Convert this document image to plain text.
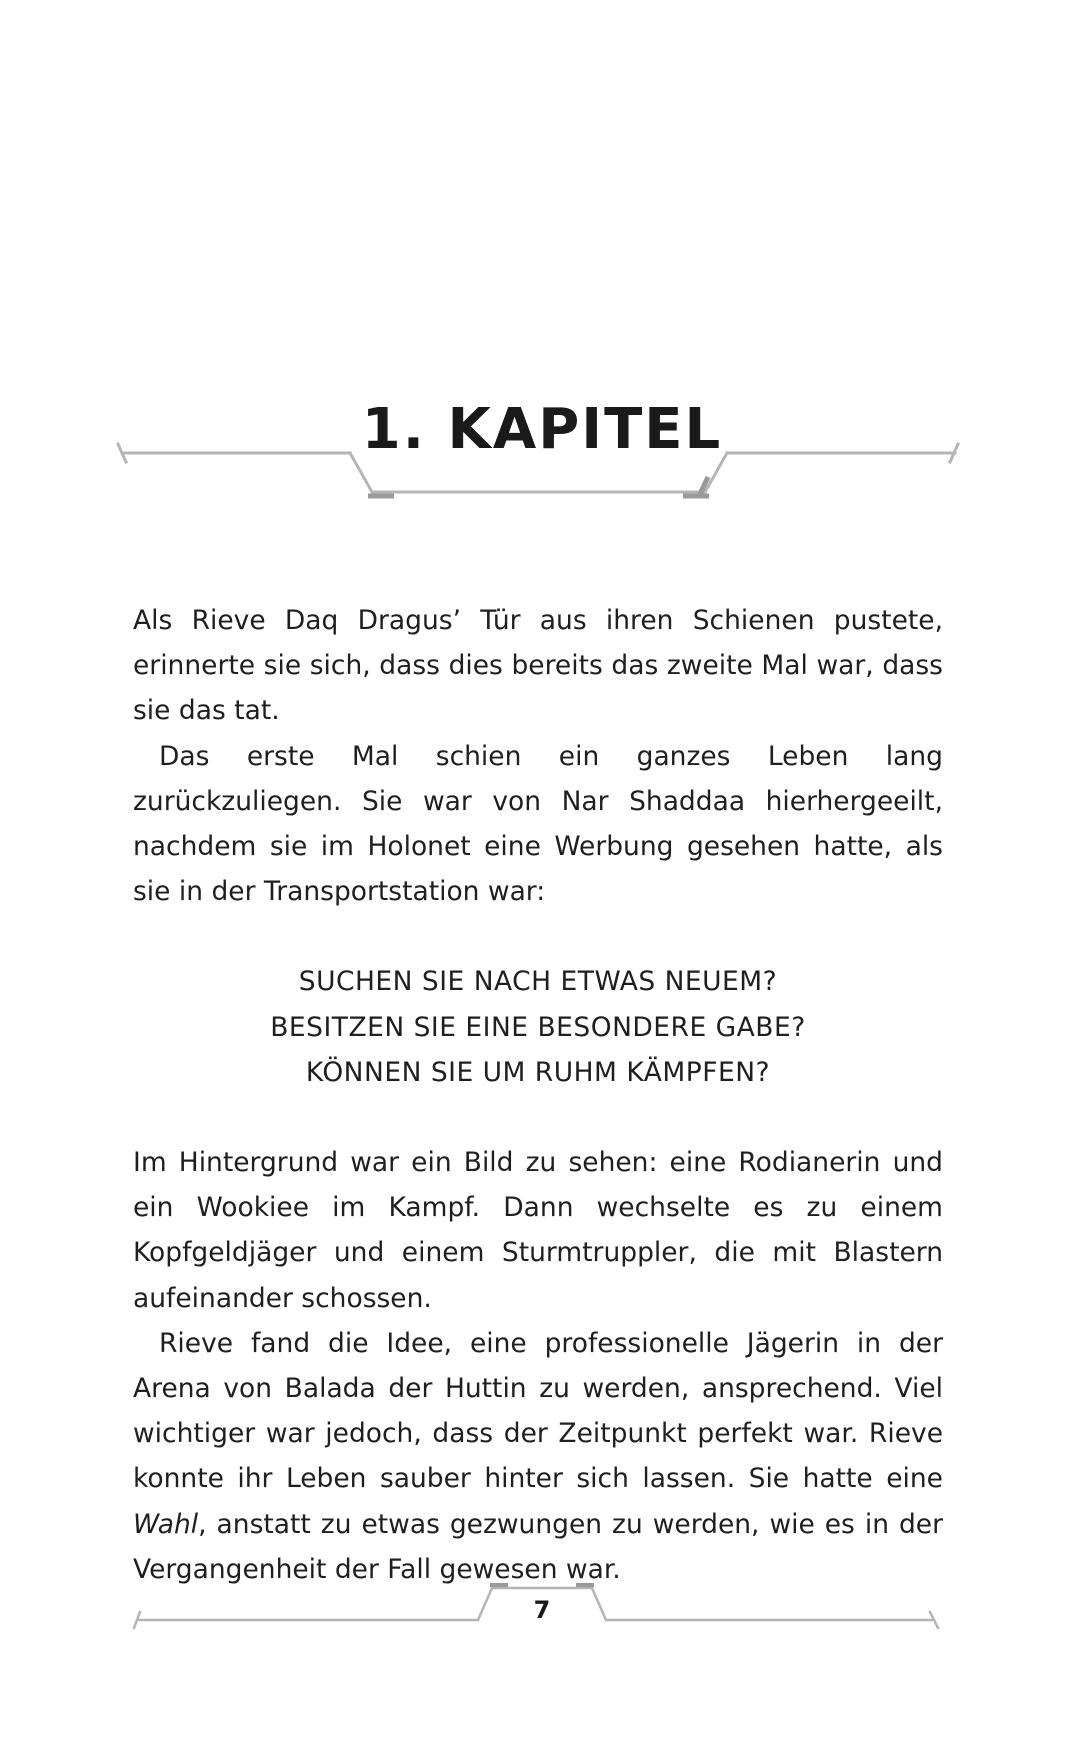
1. KAPITEL

Als Rieve Daq Dragus’ Tür aus ihren Schienen pustete, erinnerte sie sich, dass dies bereits das zweite Mal war, dass sie das tat.

Das erste Mal schien ein ganzes Leben lang zurückzuliegen. Sie war von Nar Shaddaa hierhergeeilt, nachdem sie im Holonet eine Werbung gesehen hatte, als sie in der Transportstation war:

SUCHEN SIE NACH ETWAS NEUEM?
BESITZEN SIE EINE BESONDERE GABE?
KÖNNEN SIE UM RUHM KÄMPFEN?

Im Hintergrund war ein Bild zu sehen: eine Rodianerin und ein Wookiee im Kampf. Dann wechselte es zu einem Kopfgeldjäger und einem Sturmtruppler, die mit Blastern aufeinander schossen.

Rieve fand die Idee, eine professionelle Jägerin in der Arena von Balada der Huttin zu werden, ansprechend. Viel wichtiger war jedoch, dass der Zeitpunkt perfekt war. Rieve konnte ihr Leben sauber hinter sich lassen. Sie hatte eine Wahl, anstatt zu etwas gezwungen zu werden, wie es in der Vergangenheit der Fall gewesen war.

7
